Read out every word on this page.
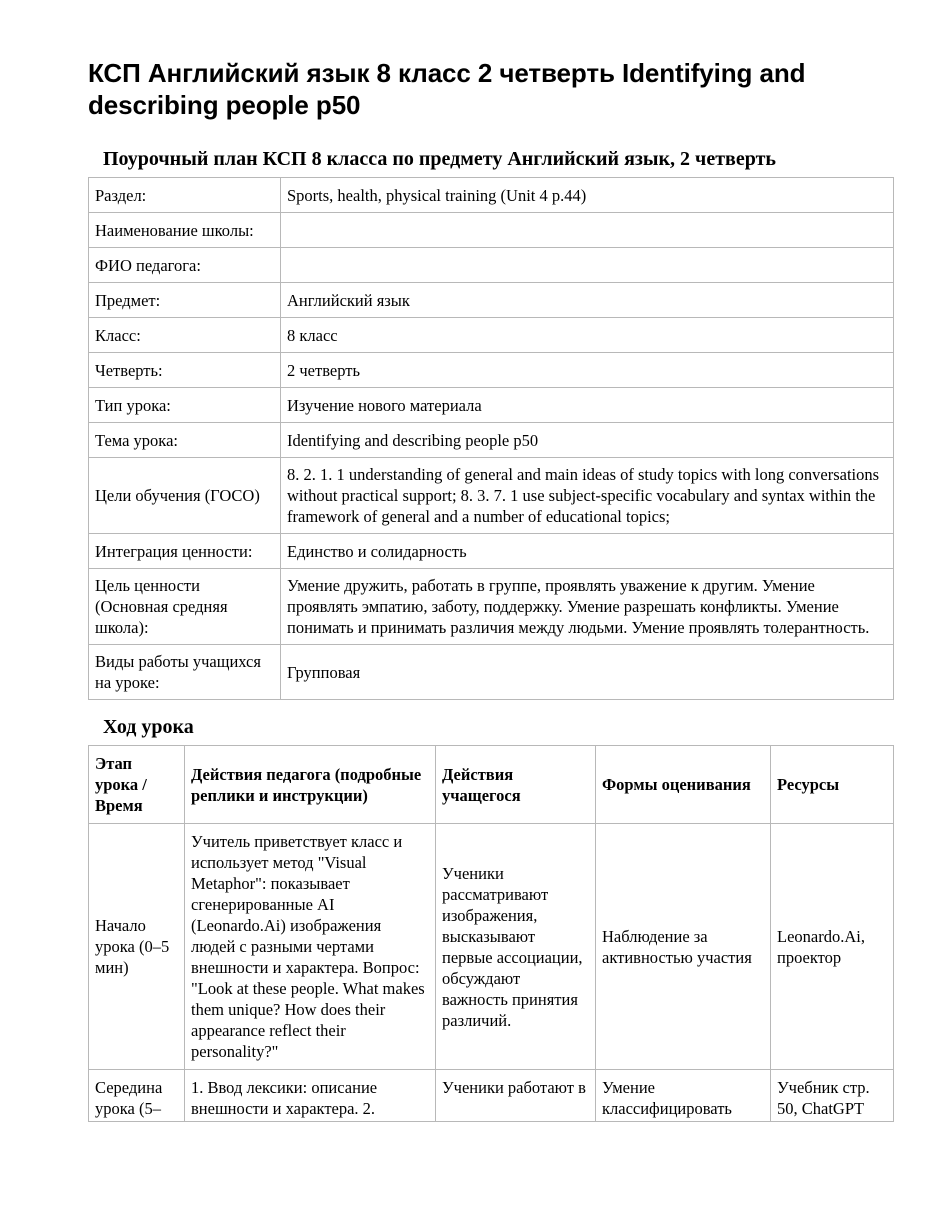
КСП Английский язык 8 класс 2 четверть Identifying and describing people p50
Поурочный план КСП 8 класса по предмету Английский язык, 2 четверть
Раздел:	Sports, health, physical training (Unit 4 p.44)
Наименование школы:	
ФИО педагога:	
Предмет:	Английский язык
Класс:	8 класс
Четверть:	2 четверть
Тип урока:	Изучение нового материала
Тема урока:	Identifying and describing people p50
Цели обучения (ГОСО)	8. 2. 1. 1 understanding of general and main ideas of study topics with long conversations without practical support; 8. 3. 7. 1 use subject-specific vocabulary and syntax within the framework of general and a number of educational topics;
Интеграция ценности:	Единство и солидарность
Цель ценности (Основная средняя школа):	Умение дружить, работать в группе, проявлять уважение к другим. Умение проявлять эмпатию, заботу, поддержку. Умение разрешать конфликты. Умение понимать и принимать различия между людьми. Умение проявлять толерантность.
Виды работы учащихся на уроке:	Групповая
Ход урока
Этап урока / Время	Действия педагога (подробные реплики и инструкции)	Действия учащегося	Формы оценивания	Ресурсы
Начало урока (0–5 мин)	Учитель приветствует класс и использует метод "Visual Metaphor": показывает сгенерированные AI (Leonardo.Ai) изображения людей с разными чертами внешности и характера. Вопрос: "Look at these people. What makes them unique? How does their appearance reflect their personality?"	Ученики рассматривают изображения, высказывают первые ассоциации, обсуждают важность принятия различий.	Наблюдение за активностью участия	Leonardo.Ai, проектор
Середина урока (5–	1. Ввод лексики: описание внешности и характера. 2.	Ученики работают в	Умение классифицировать	Учебник стр. 50, ChatGPT
